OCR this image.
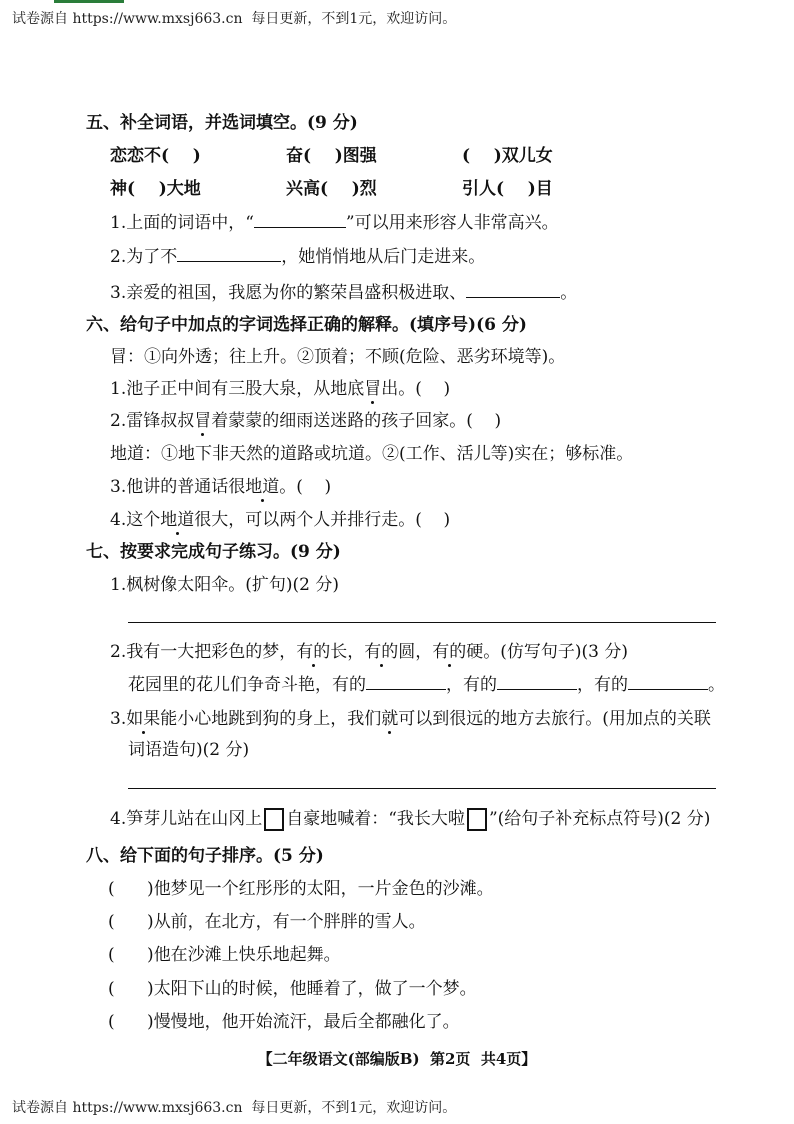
试卷源自 https://www.mxsj663.cn  每日更新，不到1元，欢迎访问。
五、补全词语，并选词填空。(9 分)
恋恋不(    )	奋(    )图强	(    )双儿女
神(    )大地	兴高(    )烈	引人(    )目
1.上面的词语中，“	”可以用来形容人非常高兴。
2.为了不	，她悄悄地从后门走进来。
3.亲爱的祖国，我愿为你的繁荣昌盛积极进取、	。
六、给句子中加点的字词选择正确的解释。(填序号)(6 分)
冒：①向外透；往上升。②顶着；不顾(危险、恶劣环境等)。
1.池子正中间有三股大泉，从地底冒出。(    )
2.雷锋叔叔冒着蒙蒙的细雨送迷路的孩子回家。(    )
地道：①地下非天然的道路或坑道。②(工作、活儿等)实在；够标准。
3.他讲的普通话很地道。(    )
4.这个地道很大，可以两个人并排行走。(    )
七、按要求完成句子练习。(9 分)
1.枫树像太阳伞。(扩句)(2 分)
2.我有一大把彩色的梦，有的长，有的圆，有的硬。(仿写句子)(3 分)
花园里的花儿们争奇斗艳，有的	，有的	，有的	。
3.如果能小心地跳到狗的身上，我们就可以到很远的地方去旅行。(用加点的关联
词语造句)(2 分)
4.笋芽儿站在山冈上 自豪地喊着：“我长大啦 ”(给句子补充标点符号)(2 分)
八、给下面的句子排序。(5 分)
(      )他梦见一个红彤彤的太阳，一片金色的沙滩。
(      )从前，在北方，有一个胖胖的雪人。
(      )他在沙滩上快乐地起舞。
(      )太阳下山的时候，他睡着了，做了一个梦。
(      )慢慢地，他开始流汗，最后全都融化了。
【二年级语文(部编版B)  第2页  共4页】
试卷源自 https://www.mxsj663.cn  每日更新，不到1元，欢迎访问。
